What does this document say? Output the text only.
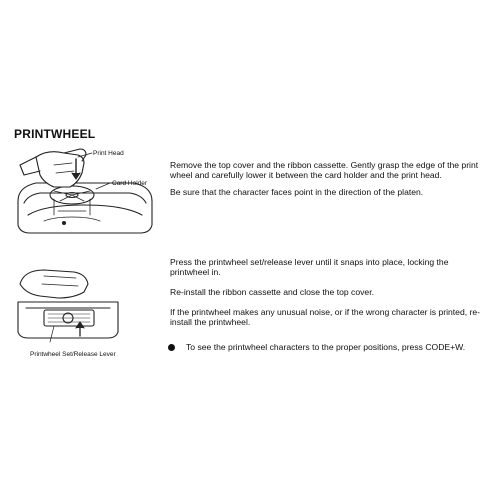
PRINTWHEEL
Print Head
Card Holder
Printwheel Set/Release Lever
Remove the top cover and the ribbon cassette. Gently grasp the edge of the print wheel and carefully lower it between the card holder and the print head.
Be sure that the character faces point in the direction of the platen.
Press the printwheel set/release lever until it snaps into place, locking the printwheel in.
Re-install the ribbon cassette and close the top cover.
If the printwheel makes any unusual noise, or if the wrong character is printed, re-install the printwheel.
To see the printwheel characters to the proper positions, press CODE+W.
